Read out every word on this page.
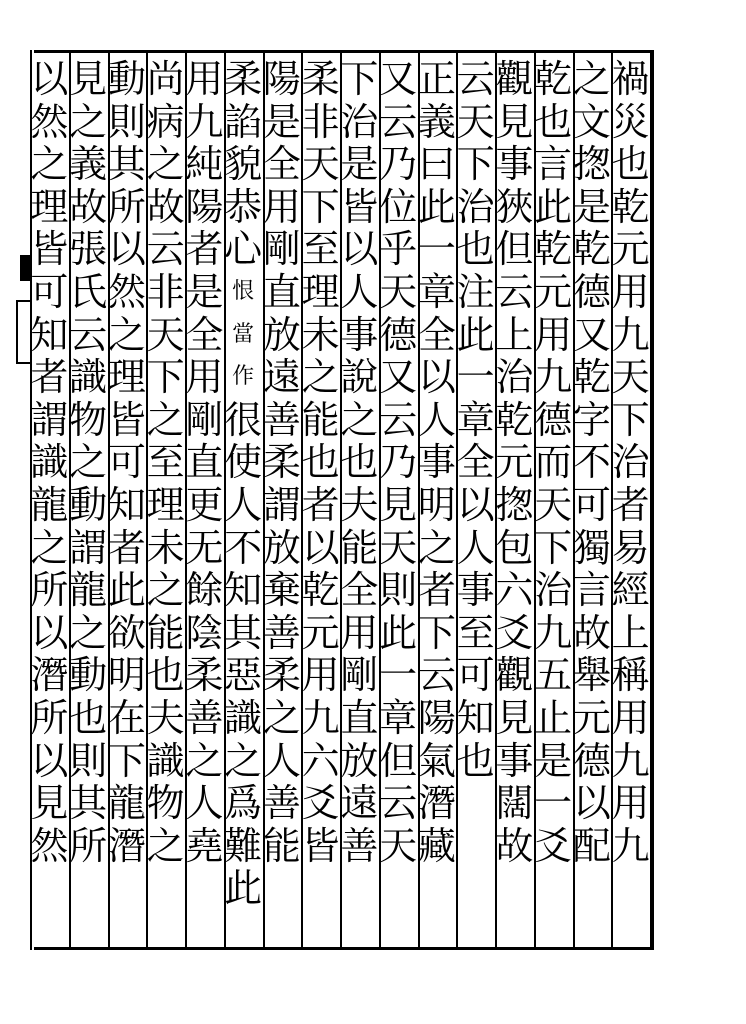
禍
災
也
乾
元
用
九
天
下
治
者
易
經
上
稱
用
九
用
九
之
文
揔
是
乾
德
又
乾
字
不
可
獨
言
故
舉
元
德
以
配
乾
也
言
此
乾
元
用
九
德
而
天
下
治
九
五
止
是
一
爻
觀
見
事
狹
但
云
上
治
乾
元
揔
包
六
爻
觀
見
事
闊
故
云
天
下
治
也
注
此
一
章
全
以
人
事
至
可
知
也
正
義
曰
此
一
章
全
以
人
事
明
之
者
下
云
陽
氣
潛
藏
又
云
乃
位
乎
天
德
又
云
乃
見
天
則
此
一
章
但
云
天
下
治
是
皆
以
人
事
說
之
也
夫
能
全
用
剛
直
放
遠
善
柔
非
天
下
至
理
未
之
能
也
者
以
乾
元
用
九
六
爻
皆
陽
是
全
用
剛
直
放
遠
善
柔
謂
放
棄
善
柔
之
人
善
能
柔
諂
貌
恭
心
恨
當
作
很
使
人
不
知
其
惡
識
之
爲
難
此
用
九
純
陽
者
是
全
用
剛
直
更
无
餘
陰
柔
善
之
人
堯
尚
病
之
故
云
非
天
下
之
至
理
未
之
能
也
夫
識
物
之
動
則
其
所
以
然
之
理
皆
可
知
者
此
欲
明
在
下
龍
潛
見
之
義
故
張
氏
云
識
物
之
動
謂
龍
之
動
也
則
其
所
以
然
之
理
皆
可
知
者
謂
識
龍
之
所
以
潛
所
以
見
然
